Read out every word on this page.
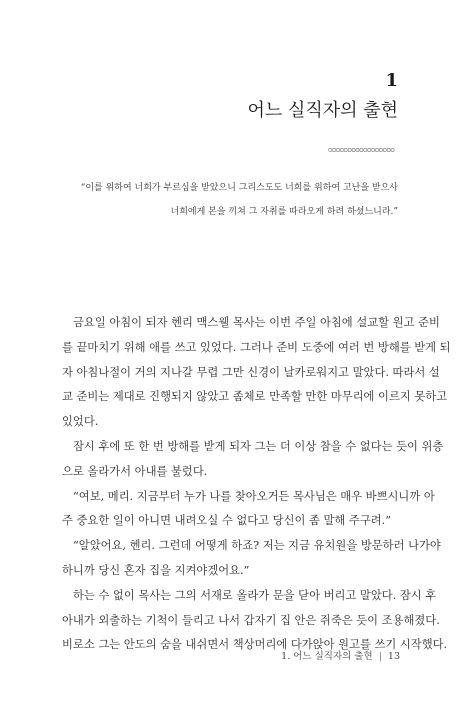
1
어느 실직자의 출현

“이를 위하여 너희가 부르심을 받았으니 그리스도도 너희를 위하여 고난을 받으사

너희에게 본을 끼쳐 그 자취를 따라오게 하려 하셨느니라.”

금요일 아침이 되자 헨리 맥스웰 목사는 이번 주일 아침에 설교할 원고 준비
를 끝마치기 위해 애를 쓰고 있었다. 그러나 준비 도중에 여러 번 방해를 받게 되
자 아침나절이 거의 지나갈 무렵 그만 신경이 날카로워지고 말았다. 따라서 설
교 준비는 제대로 진행되지 않았고 좀체로 만족할 만한 마무리에 이르지 못하고
있었다.
잠시 후에 또 한 번 방해를 받게 되자 그는 더 이상 참을 수 없다는 듯이 위층
으로 올라가서 아내를 불렀다.
“여보, 메리. 지금부터 누가 나를 찾아오거든 목사님은 매우 바쁘시니까 아
주 중요한 일이 아니면 내려오실 수 없다고 당신이 좀 말해 주구려.”
“알았어요, 헨리. 그런데 어떻게 하죠? 저는 지금 유치원을 방문하러 나가야
하니까 당신 혼자 집을 지켜야겠어요.”
하는 수 없이 목사는 그의 서재로 올라가 문을 닫아 버리고 말았다. 잠시 후
아내가 외출하는 기척이 들리고 나서 갑자기 집 안은 쥐죽은 듯이 조용해졌다.
비로소 그는 안도의 숨을 내쉬면서 책상머리에 다가앉아 원고를 쓰기 시작했다.
1. 어느 실직자의 출현 | 13
